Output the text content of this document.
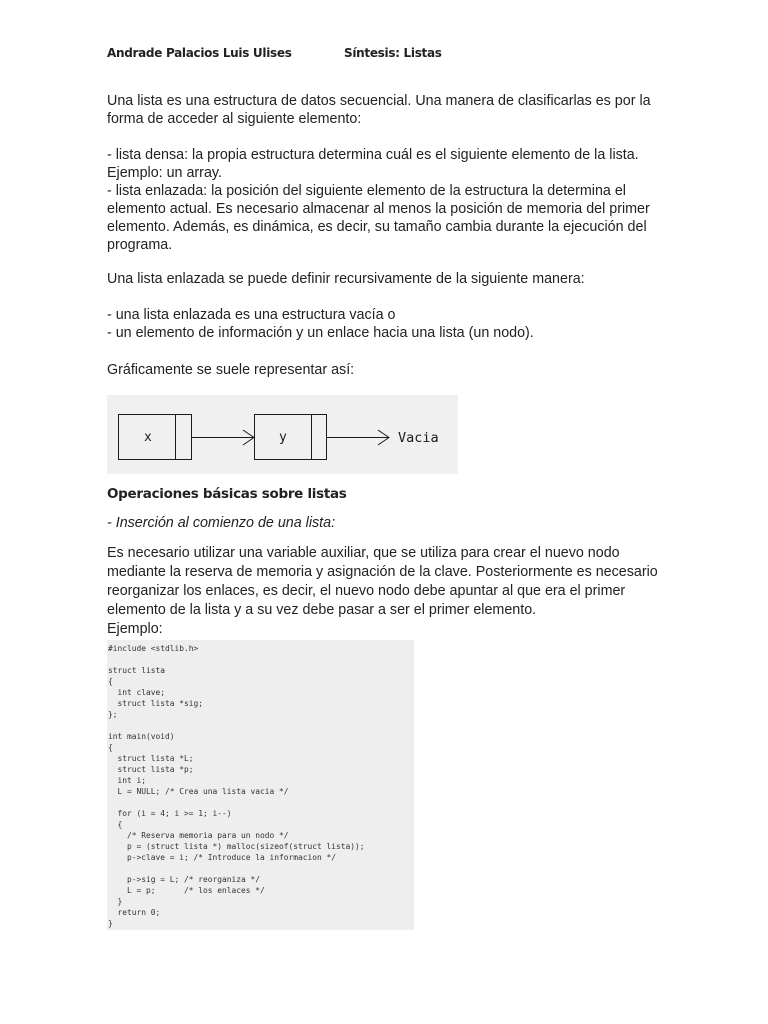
Andrade Palacios Luis Ulises	Síntesis: Listas

Una lista es una estructura de datos secuencial. Una manera de clasificarlas es por la forma de acceder al siguiente elemento:

- lista densa: la propia estructura determina cuál es el siguiente elemento de la lista. Ejemplo: un array.

- lista enlazada: la posición del siguiente elemento de la estructura la determina el elemento actual. Es necesario almacenar al menos la posición de memoria del primer elemento. Además, es dinámica, es decir, su tamaño cambia durante la ejecución del programa.

Una lista enlazada se puede definir recursivamente de la siguiente manera:

- una lista enlazada es una estructura vacía o

- un elemento de información y un enlace hacia una lista (un nodo).

Gráficamente se suele representar así:

x	y	Vacia
Operaciones básicas sobre listas
- Inserción al comienzo de una lista:

Es necesario utilizar una variable auxiliar, que se utiliza para crear el nuevo nodo mediante la reserva de memoria y asignación de la clave. Posteriormente es necesario reorganizar los enlaces, es decir, el nuevo nodo debe apuntar al que era el primer elemento de la lista y a su vez debe pasar a ser el primer elemento.

Ejemplo:

#include <stdlib.h>

struct lista
{
int clave;
struct lista *sig;
};

int main(void)
{
struct lista *L;
struct lista *p;
int i;
L = NULL; /* Crea una lista vacia */

for (i = 4; i >= 1; i--)
{
/* Reserva memoria para un nodo */
p = (struct lista *) malloc(sizeof(struct lista));
p->clave = i; /* Introduce la informacion */

p->sig = L; /* reorganiza */
L = p;      /* los enlaces */
}
return 0;
}
